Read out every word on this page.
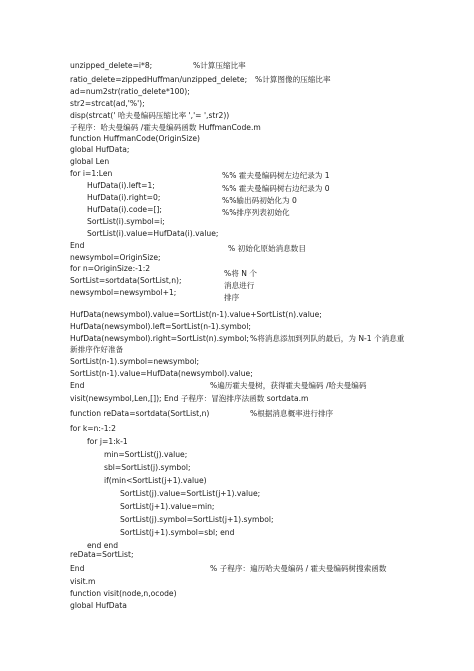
unzipped_delete=i*8;	%计算压缩比率
ratio_delete=zippedHuffman/unzipped_delete; %计算图像的压缩比率
ad=num2str(ratio_delete*100);
str2=strcat(ad,'%');
disp(strcat(' 哈夫曼编码压缩比率 ','= ',str2))
子程序：哈夫曼编码 /霍夫曼编码函数 HuffmanCode.m
function HuffmanCode(OriginSize)
global HufData;
global Len
for i=1:Len
HufData(i).left=1;
HufData(i).right=0;
HufData(i).code=[];
SortList(i).symbol=i;
SortList(i).value=HufData(i).value;
End
newsymbol=OriginSize;
for n=OriginSize:-1:2
SortList=sortdata(SortList,n);
newsymbol=newsymbol+1;
HufData(newsymbol).value=SortList(n-1).value+SortList(n).value;
HufData(newsymbol).left=SortList(n-1).symbol;
HufData(newsymbol).right=SortList(n).symbol; %将消息添加到列队的最后，为 N-1 个消息重
新排序作好准备
SortList(n-1).symbol=newsymbol;
SortList(n-1).value=HufData(newsymbol).value;
End	%遍历霍夫曼树，获得霍夫曼编码 /哈夫曼编码
visit(newsymbol,Len,[]); End 子程序：冒泡排序法函数 sortdata.m
function reData=sortdata(SortList,n)	%根据消息概率进行排序
for k=n:-1:2
for j=1:k-1
min=SortList(j).value;
sbl=SortList(j).symbol;
if(min<SortList(j+1).value)
SortList(j).value=SortList(j+1).value;
SortList(j+1).value=min;
SortList(j).symbol=SortList(j+1).symbol;
SortList(j+1).symbol=sbl; end
end end
reData=SortList;
End	% 子程序：遍历哈夫曼编码 / 霍夫曼编码树搜索函数
visit.m
function visit(node,n,ocode)
global HufData
%% 霍夫曼编码树左边纪录为 1
%% 霍夫曼编码树右边纪录为 0
%%输出码初始化为 0
%%排序列表初始化
% 初始化原始消息数目
%将 N 个
消息进行
排序
